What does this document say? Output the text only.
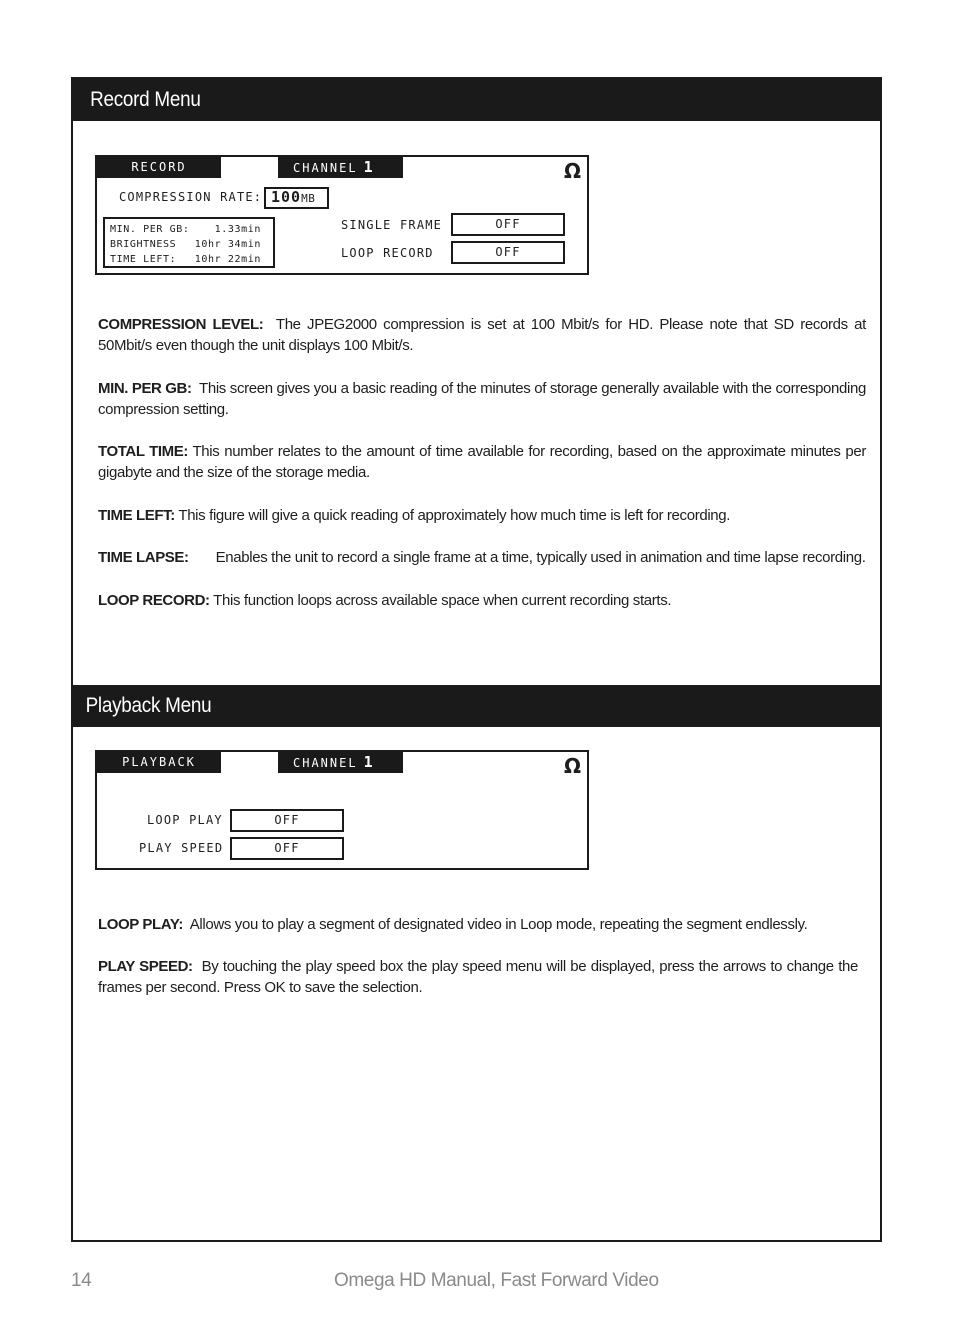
Record Menu
Playback Menu
RECORD	CHANNEL 1	Ω
COMPRESSION RATE: 100MB
MIN. PER GB:	1.33min
BRIGHTNESS 10hr 34min
TIME LEFT: 10hr 22min
SINGLE FRAME	OFF
LOOP RECORD	OFF
COMPRESSION LEVEL: The JPEG2000 compression is set at 100 Mbit/s for HD. Please note that SD records at 50Mbit/s even though the unit displays 100 Mbit/s.
MIN. PER GB: This screen gives you a basic reading of the minutes of storage generally available with the corresponding compression setting.
TOTAL TIME: This number relates to the amount of time available for recording, based on the approximate minutes per gigabyte and the size of the storage media.
TIME LEFT: This figure will give a quick reading of approximately how much time is left for recording.
TIME LAPSE: Enables the unit to record a single frame at a time, typically used in animation and time lapse recording.
LOOP RECORD: This function loops across available space when current recording starts.
PLAYBACK	CHANNEL 1	Ω
LOOP PLAY	OFF
PLAY SPEED	OFF
LOOP PLAY: Allows you to play a segment of designated video in Loop mode, repeating the segment endlessly.
PLAY SPEED: By touching the play speed box the play speed menu will be displayed, press the arrows to change the frames per second. Press OK to save the selection.
14	Omega HD Manual, Fast Forward Video
